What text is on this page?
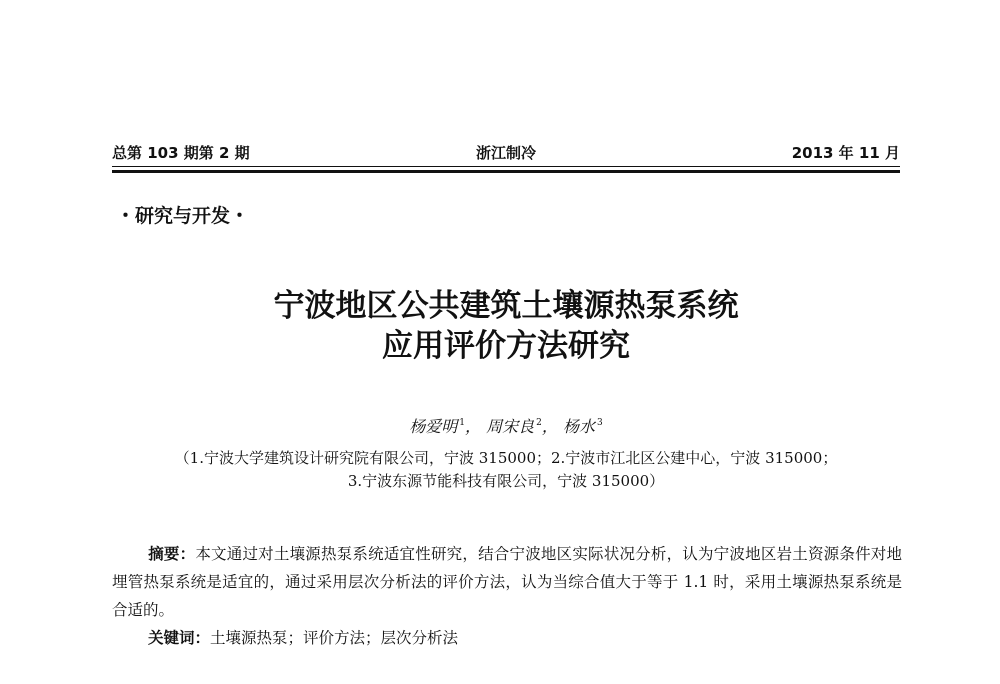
总第 103 期第 2 期	浙江制冷	2013 年 11 月
・研究与开发・
宁波地区公共建筑土壤源热泵系统
应用评价方法研究
杨爱明 $^1$， 周宋良 $^2$， 杨水 $^3$
（1.宁波大学建筑设计研究院有限公司，宁波 315000；2.宁波市江北区公建中心，宁波 315000；
3.宁波东源节能科技有限公司，宁波 315000）
摘要：本文通过对土壤源热泵系统适宜性研究，结合宁波地区实际状况分析，认为宁波地区岩土资源条件对地埋管热泵系统是适宜的，通过采用层次分析法的评价方法，认为当综合值大于等于 1.1 时，采用土壤源热泵系统是合适的。
关键词：土壤源热泵；评价方法；层次分析法
